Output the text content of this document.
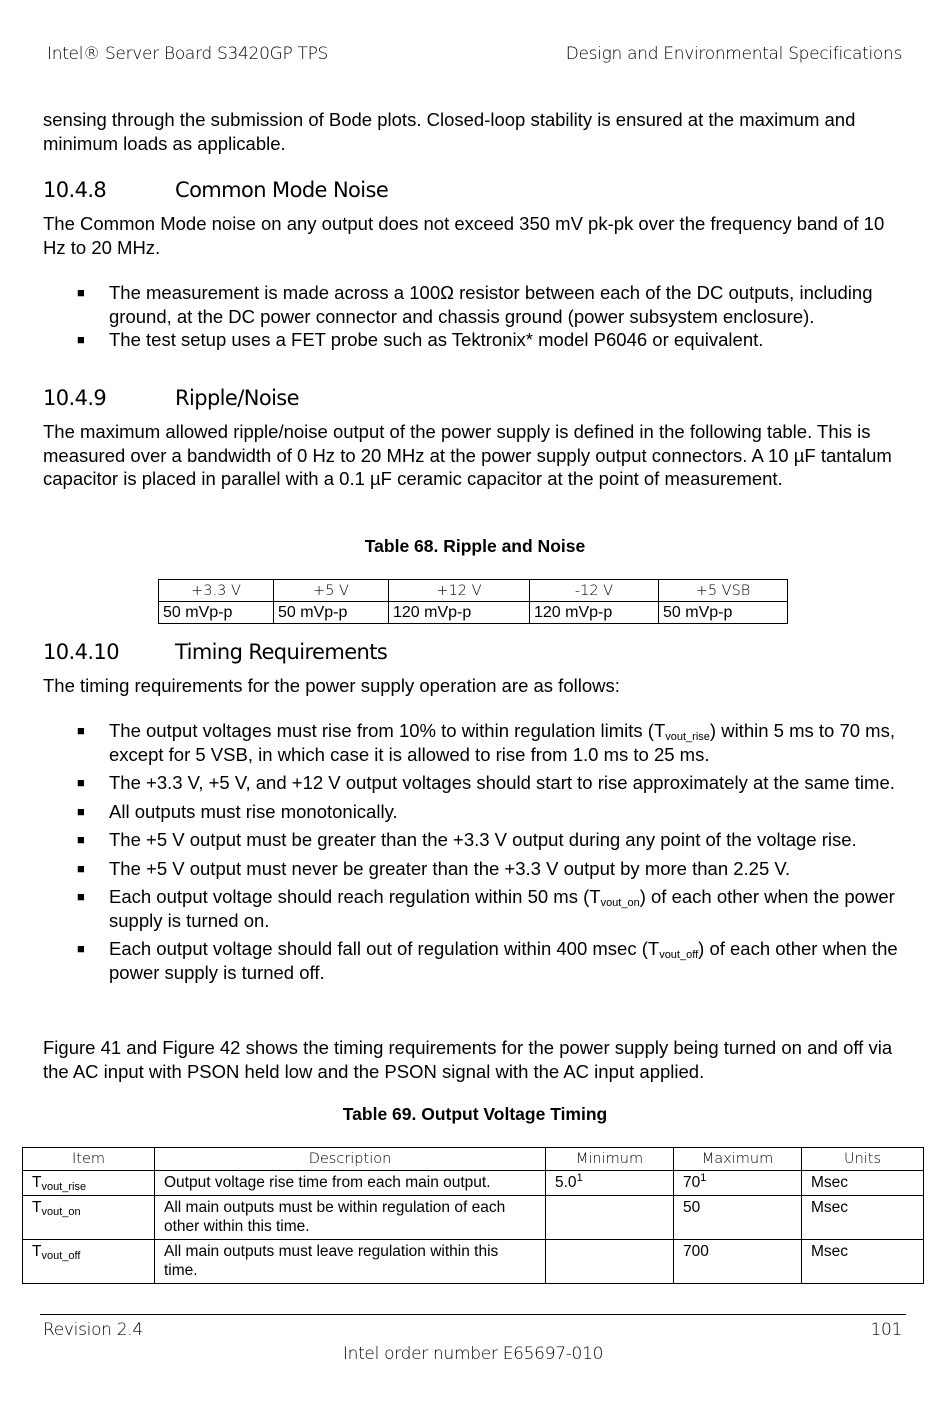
Intel® Server Board S3420GP TPS	Design and Environmental Specifications
sensing through the submission of Bode plots. Closed-loop stability is ensured at the maximum and minimum loads as applicable.
10.4.8	Common Mode Noise
The Common Mode noise on any output does not exceed 350 mV pk-pk over the frequency band of 10 Hz to 20 MHz.
■ The measurement is made across a 100Ω resistor between each of the DC outputs, including ground, at the DC power connector and chassis ground (power subsystem enclosure).
■ The test setup uses a FET probe such as Tektronix* model P6046 or equivalent.
10.4.9	Ripple/Noise
The maximum allowed ripple/noise output of the power supply is defined in the following table. This is measured over a bandwidth of 0 Hz to 20 MHz at the power supply output connectors. A 10 µF tantalum capacitor is placed in parallel with a 0.1 µF ceramic capacitor at the point of measurement.
Table 68. Ripple and Noise
+3.3 V	+5 V	+12 V	-12 V	+5 VSB
50 mVp-p	50 mVp-p	120 mVp-p	120 mVp-p	50 mVp-p
10.4.10	Timing Requirements
The timing requirements for the power supply operation are as follows:
■ The output voltages must rise from 10% to within regulation limits $(T_{vout\_rise})$ within 5 ms to 70 ms, except for 5 VSB, in which case it is allowed to rise from 1.0 ms to 25 ms.
■ The +3.3 V, +5 V, and +12 V output voltages should start to rise approximately at the same time.
■ All outputs must rise monotonically.
■ The +5 V output must be greater than the +3.3 V output during any point of the voltage rise.
■ The +5 V output must never be greater than the +3.3 V output by more than 2.25 V.
■ Each output voltage should reach regulation within 50 ms $(T_{vout\_on})$ of each other when the power supply is turned on.
■ Each output voltage should fall out of regulation within 400 msec $(T_{vout\_off})$ of each other when the power supply is turned off.
Figure 41 and Figure 42 shows the timing requirements for the power supply being turned on and off via the AC input with PSON held low and the PSON signal with the AC input applied.
Table 69. Output Voltage Timing
Item	Description	Minimum	Maximum	Units
$T_{vout\_rise}$	Output voltage rise time from each main output.	$5.0^1$	$70^1$	Msec
$T_{vout\_on}$	All main outputs must be within regulation of each other within this time.		50	Msec
$T_{vout\_off}$	All main outputs must leave regulation within this time.		700	Msec
Revision 2.4	101
Intel order number E65697-010
